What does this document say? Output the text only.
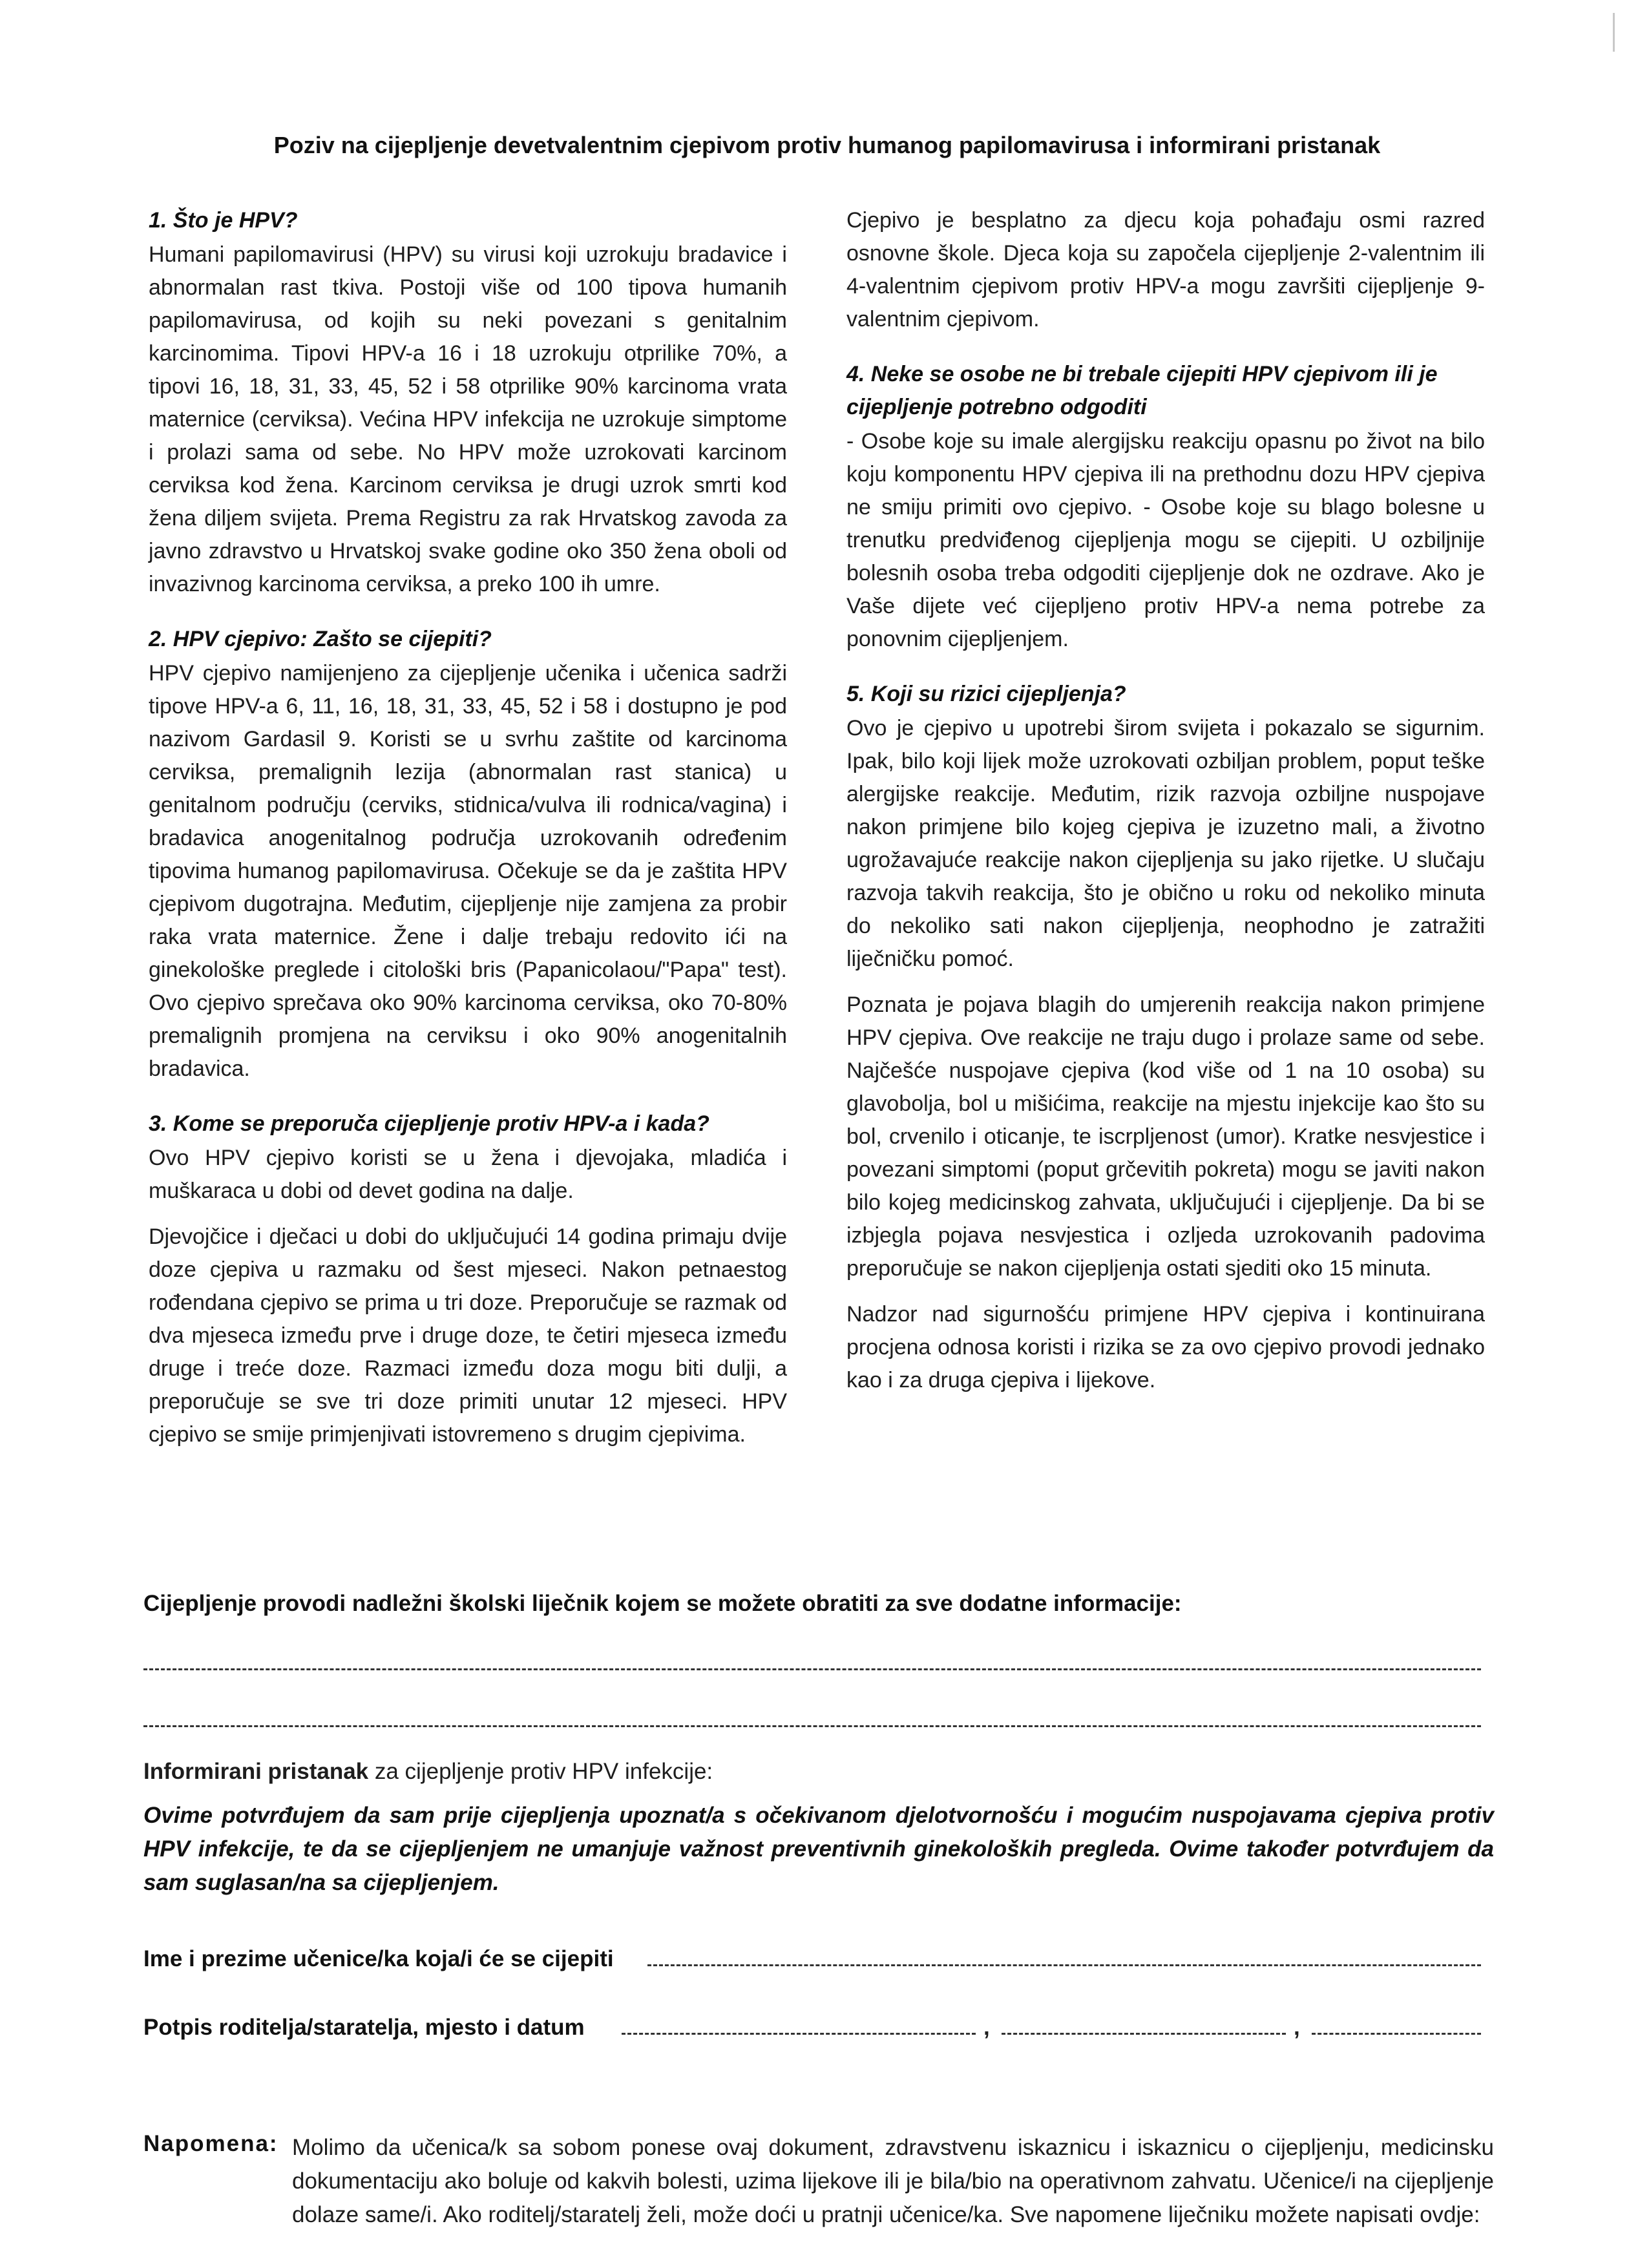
Poziv na cijepljenje devetvalentnim cjepivom protiv humanog papilomavirusa i informirani pristanak
1. Što je HPV?

Humani papilomavirusi (HPV) su virusi koji uzrokuju bradavice i abnormalan rast tkiva. Postoji više od 100 tipova humanih papilomavirusa, od kojih su neki povezani s genitalnim karcinomima. Tipovi HPV-a 16 i 18 uzrokuju otprilike 70%, a tipovi 16, 18, 31, 33, 45, 52 i 58 otprilike 90% karcinoma vrata maternice (cerviksa). Većina HPV infekcija ne uzrokuje simptome i prolazi sama od sebe. No HPV može uzrokovati karcinom cerviksa kod žena. Karcinom cerviksa je drugi uzrok smrti kod žena diljem svijeta. Prema Registru za rak Hrvatskog zavoda za javno zdravstvo u Hrvatskoj svake godine oko 350 žena oboli od invazivnog karcinoma cerviksa, a preko 100 ih umre.

2. HPV cjepivo: Zašto se cijepiti?

HPV cjepivo namijenjeno za cijepljenje učenika i učenica sadrži tipove HPV-a 6, 11, 16, 18, 31, 33, 45, 52 i 58 i dostupno je pod nazivom Gardasil 9. Koristi se u svrhu zaštite od karcinoma cerviksa, premalignih lezija (abnormalan rast stanica) u genitalnom području (cerviks, stidnica/vulva ili rodnica/vagina) i bradavica anogenitalnog područja uzrokovanih određenim tipovima humanog papilomavirusa. Očekuje se da je zaštita HPV cjepivom dugotrajna. Međutim, cijepljenje nije zamjena za probir raka vrata maternice. Žene i dalje trebaju redovito ići na ginekološke preglede i citološki bris (Papanicolaou/"Papa" test). Ovo cjepivo sprečava oko 90% karcinoma cerviksa, oko 70-80% premalignih promjena na cerviksu i oko 90% anogenitalnih bradavica.

3. Kome se preporuča cijepljenje protiv HPV-a i kada?

Ovo HPV cjepivo koristi se u žena i djevojaka, mladića i muškaraca u dobi od devet godina na dalje.

Djevojčice i dječaci u dobi do uključujući 14 godina primaju dvije doze cjepiva u razmaku od šest mjeseci. Nakon petnaestog rođendana cjepivo se prima u tri doze. Preporučuje se razmak od dva mjeseca između prve i druge doze, te četiri mjeseca između druge i treće doze. Razmaci između doza mogu biti dulji, a preporučuje se sve tri doze primiti unutar 12 mjeseci. HPV cjepivo se smije primjenjivati istovremeno s drugim cjepivima.

Cjepivo je besplatno za djecu koja pohađaju osmi razred osnovne škole. Djeca koja su započela cijepljenje 2-valentnim ili 4-valentnim cjepivom protiv HPV-a mogu završiti cijepljenje 9-valentnim cjepivom.

4. Neke se osobe ne bi trebale cijepiti HPV cjepivom ili je cijepljenje potrebno odgoditi

- Osobe koje su imale alergijsku reakciju opasnu po život na bilo koju komponentu HPV cjepiva ili na prethodnu dozu HPV cjepiva ne smiju primiti ovo cjepivo. - Osobe koje su blago bolesne u trenutku predviđenog cijepljenja mogu se cijepiti. U ozbiljnije bolesnih osoba treba odgoditi cijepljenje dok ne ozdrave. Ako je Vaše dijete već cijepljeno protiv HPV-a nema potrebe za ponovnim cijepljenjem.

5. Koji su rizici cijepljenja?

Ovo je cjepivo u upotrebi širom svijeta i pokazalo se sigurnim. Ipak, bilo koji lijek može uzrokovati ozbiljan problem, poput teške alergijske reakcije. Međutim, rizik razvoja ozbiljne nuspojave nakon primjene bilo kojeg cjepiva je izuzetno mali, a životno ugrožavajuće reakcije nakon cijepljenja su jako rijetke. U slučaju razvoja takvih reakcija, što je obično u roku od nekoliko minuta do nekoliko sati nakon cijepljenja, neophodno je zatražiti liječničku pomoć.

Poznata je pojava blagih do umjerenih reakcija nakon primjene HPV cjepiva. Ove reakcije ne traju dugo i prolaze same od sebe. Najčešće nuspojave cjepiva (kod više od 1 na 10 osoba) su glavobolja, bol u mišićima, reakcije na mjestu injekcije kao što su bol, crvenilo i oticanje, te iscrpljenost (umor). Kratke nesvjestice i povezani simptomi (poput grčevitih pokreta) mogu se javiti nakon bilo kojeg medicinskog zahvata, uključujući i cijepljenje. Da bi se izbjegla pojava nesvjestica i ozljeda uzrokovanih padovima preporučuje se nakon cijepljenja ostati sjediti oko 15 minuta.

Nadzor nad sigurnošću primjene HPV cjepiva i kontinuirana procjena odnosa koristi i rizika se za ovo cjepivo provodi jednako kao i za druga cjepiva i lijekove.

Cijepljenje provodi nadležni školski liječnik kojem se možete obratiti za sve dodatne informacije:
Informirani pristanak za cijepljenje protiv HPV infekcije:
Ovime potvrđujem da sam prije cijepljenja upoznat/a s očekivanom djelotvornošću i mogućim nuspojavama cjepiva protiv HPV infekcije, te da se cijepljenjem ne umanjuje važnost preventivnih ginekoloških pregleda. Ovime također potvrđujem da sam suglasan/na sa cijepljenjem.
Ime i prezime učenice/ka koja/i će se cijepiti
Potpis roditelja/staratelja, mjesto i datum	,	,
Napomena: Molimo da učenica/k sa sobom ponese ovaj dokument, zdravstvenu iskaznicu i iskaznicu o cijepljenju, medicinsku dokumentaciju ako boluje od kakvih bolesti, uzima lijekove ili je bila/bio na operativnom zahvatu. Učenice/i na cijepljenje dolaze same/i. Ako roditelj/staratelj želi, može doći u pratnji učenice/ka. Sve napomene liječniku možete napisati ovdje:
